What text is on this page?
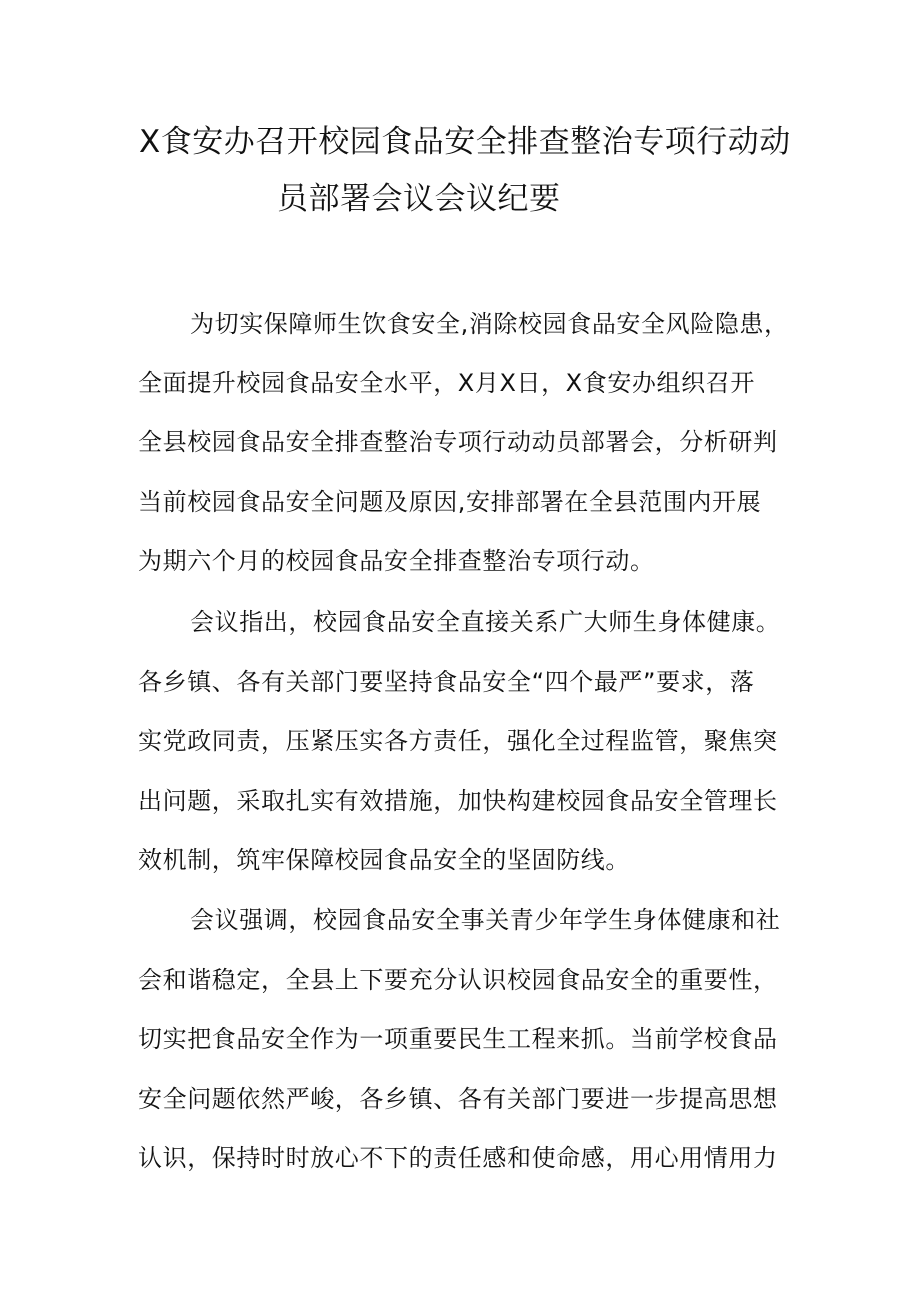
X食安办召开校园食品安全排查整治专项行动动
员部署会议会议纪要
为切实保障师生饮食安全,消除校园食品安全风险隐患，
全面提升校园食品安全水平，X月X日，X食安办组织召开
全县校园食品安全排查整治专项行动动员部署会，分析研判
当前校园食品安全问题及原因,安排部署在全县范围内开展
为期六个月的校园食品安全排查整治专项行动。
会议指出，校园食品安全直接关系广大师生身体健康。
各乡镇、各有关部门要坚持食品安全“四个最严”要求，落
实党政同责，压紧压实各方责任，强化全过程监管，聚焦突
出问题，采取扎实有效措施，加快构建校园食品安全管理长
效机制，筑牢保障校园食品安全的坚固防线。
会议强调，校园食品安全事关青少年学生身体健康和社
会和谐稳定，全县上下要充分认识校园食品安全的重要性，
切实把食品安全作为一项重要民生工程来抓。当前学校食品
安全问题依然严峻，各乡镇、各有关部门要进一步提高思想
认识，保持时时放心不下的责任感和使命感，用心用情用力
